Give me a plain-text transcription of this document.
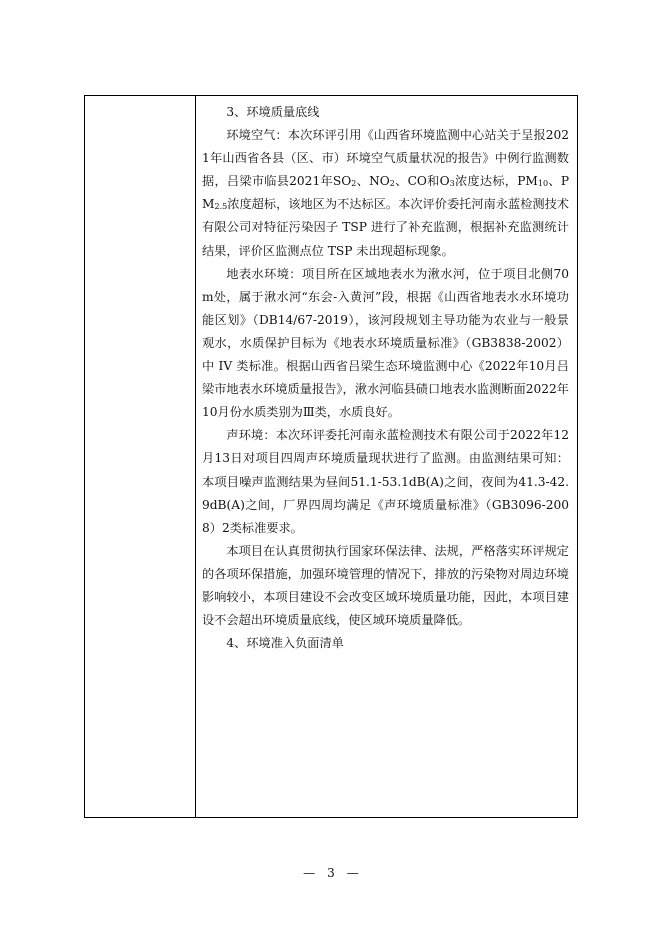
3、环境质量底线

环境空气：本次环评引用《山西省环境监测中心站关于呈报2021年山西省各县（区、市）环境空气质量状况的报告》中例行监测数据，吕梁市临县2021年$SO_2$、$NO_2$、CO和$O_3$浓度达标，$PM_{10}$、$PM_{2.5}$浓度超标，该地区为不达标区。本次评价委托河南永蓝检测技术有限公司对特征污染因子 TSP 进行了补充监测，根据补充监测统计结果，评价区监测点位 TSP 未出现超标现象。

地表水环境：项目所在区域地表水为湫水河，位于项目北侧70m处，属于湫水河“东会-入黄河”段，根据《山西省地表水水环境功能区划》（DB14/67-2019），该河段规划主导功能为农业与一般景观水，水质保护目标为《地表水环境质量标准》（GB3838-2002）中 IV 类标准。根据山西省吕梁生态环境监测中心《2022年10月吕梁市地表水环境质量报告》，湫水河临县碛口地表水监测断面2022年10月份水质类别为Ⅲ类，水质良好。

声环境：本次环评委托河南永蓝检测技术有限公司于2022年12月13日对项目四周声环境质量现状进行了监测。由监测结果可知：本项目噪声监测结果为昼间51.1-53.1dB(A)之间，夜间为41.3-42.9dB(A)之间，厂界四周均满足《声环境质量标准》（GB3096-2008）2类标准要求。

本项目在认真贯彻执行国家环保法律、法规，严格落实环评规定的各项环保措施，加强环境管理的情况下，排放的污染物对周边环境影响较小，本项目建设不会改变区域环境质量功能，因此，本项目建设不会超出环境质量底线，使区域环境质量降低。

4、环境准入负面清单

—　3　—
